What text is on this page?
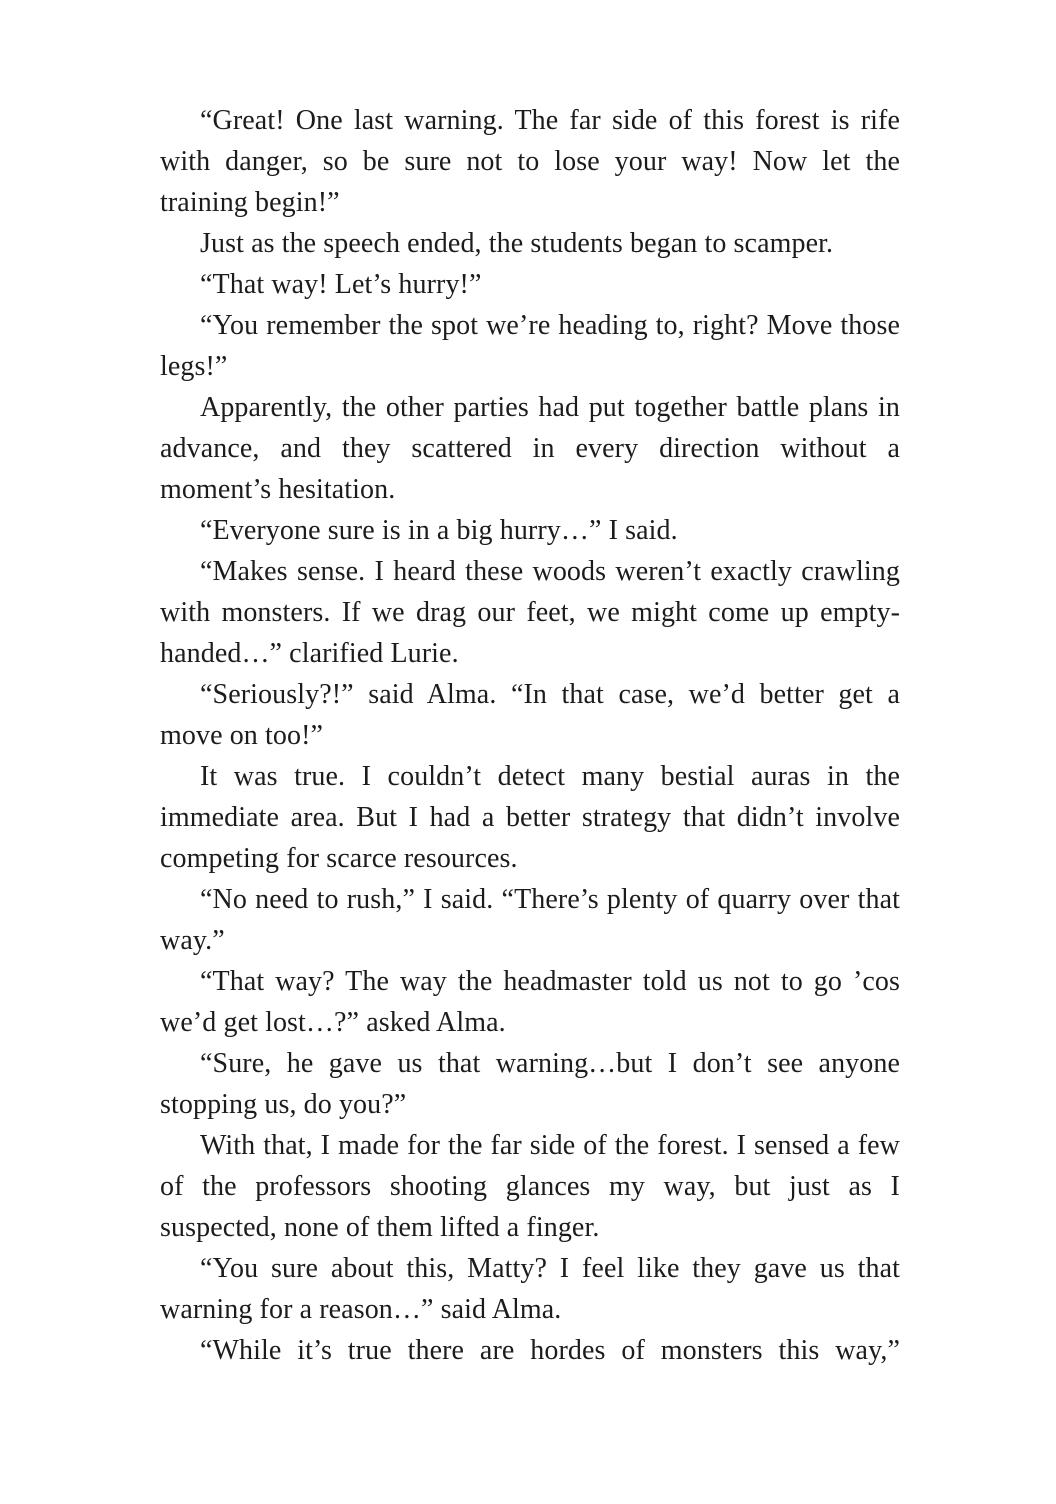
“Great! One last warning. The far side of this forest is rife with danger, so be sure not to lose your way! Now let the training begin!”

Just as the speech ended, the students began to scamper.

“That way! Let’s hurry!”

“You remember the spot we’re heading to, right? Move those legs!”

Apparently, the other parties had put together battle plans in advance, and they scattered in every direction without a moment’s hesitation.

“Everyone sure is in a big hurry…” I said.

“Makes sense. I heard these woods weren’t exactly crawling with monsters. If we drag our feet, we might come up empty-handed…” clarified Lurie.

“Seriously?!” said Alma. “In that case, we’d better get a move on too!”

It was true. I couldn’t detect many bestial auras in the immediate area. But I had a better strategy that didn’t involve competing for scarce resources.

“No need to rush,” I said. “There’s plenty of quarry over that way.”

“That way? The way the headmaster told us not to go ’cos we’d get lost…?” asked Alma.

“Sure, he gave us that warning…but I don’t see anyone stopping us, do you?”

With that, I made for the far side of the forest. I sensed a few of the professors shooting glances my way, but just as I suspected, none of them lifted a finger.

“You sure about this, Matty? I feel like they gave us that warning for a reason…” said Alma.

“While it’s true there are hordes of monsters this way,”
